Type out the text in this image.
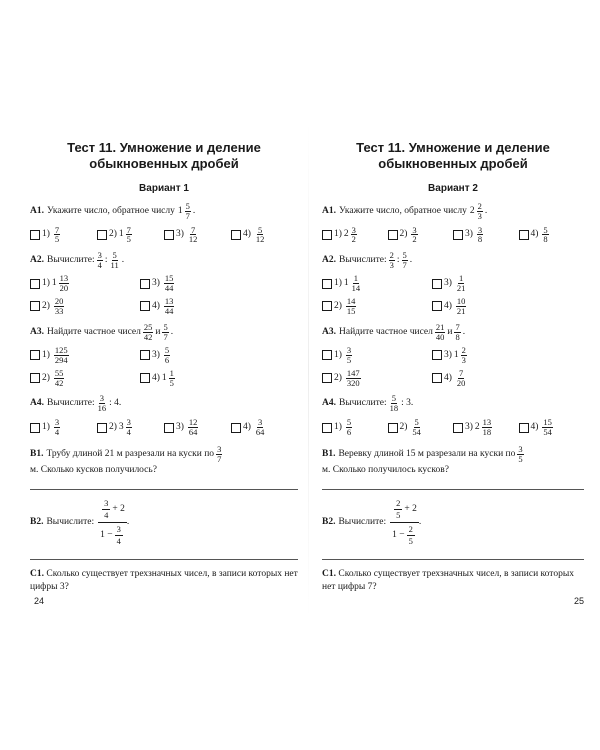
Тест 11. Умножение и деление
обыкновенных дробей
Вариант 1
А1. Укажите число, обратное числу $1 \frac{5}{7}$ .
$1) \frac{7}{5}$	2) $1 \frac{7}{5}$	$3) \frac{7}{12}$	$4) \frac{5}{12}$
А2. Вычислите: $\frac{3}{4}$ : $\frac{5}{11}$ .
1) $1 \frac{13}{20}$	$3) \frac{15}{44}$
$2) \frac{20}{33}$	$4) \frac{13}{44}$
А3. Найдите частное чисел $\frac{25}{42}$ и $\frac{5}{7}$ .
$1) \frac{125}{294}$	$3) \frac{5}{6}$
$2) \frac{55}{42}$	4) $1 \frac{1}{5}$
А4. Вычислите: $\frac{3}{16}$ : 4.
$1) \frac{3}{4}$	2) $3 \frac{3}{4}$	$3) \frac{12}{64}$	$4) \frac{3}{64}$
В1. Трубу длиной 21 м разрезали на куски по $\frac{3}{7}$
м. Сколько кусков получилось?
В2. Вычислите: $\frac{\frac{3}{4} + 2}{1 - \frac{3}{4}}$ .
С1. Сколько существует трехзначных чисел, в записи которых нет цифры 3?
24
Тест 11. Умножение и деление
обыкновенных дробей
Вариант 2
А1. Укажите число, обратное числу $2 \frac{2}{3}$ .
1) $2 \frac{3}{2}$	$2) \frac{3}{2}$	$3) \frac{3}{8}$	$4) \frac{5}{8}$
А2. Вычислите: $\frac{2}{3}$ : $\frac{5}{7}$ .
1) $1 \frac{1}{14}$	$3) \frac{1}{21}$
$2) \frac{14}{15}$	$4) \frac{10}{21}$
А3. Найдите частное чисел $\frac{21}{40}$ и $\frac{7}{8}$ .
$1) \frac{3}{5}$	3) $1 \frac{2}{3}$
$2) \frac{147}{320}$	$4) \frac{7}{20}$
А4. Вычислите: $\frac{5}{18}$ : 3.
$1) \frac{5}{6}$	$2) \frac{5}{54}$	3) $2 \frac{13}{18}$	$4) \frac{15}{54}$
В1. Веревку длиной 15 м разрезали на куски по $\frac{3}{5}$
м. Сколько получилось кусков?
В2. Вычислите: $\frac{\frac{2}{5} + 2}{1 - \frac{2}{5}}$ .
С1. Сколько существует трехзначных чисел, в записи которых нет цифры 7?
25
